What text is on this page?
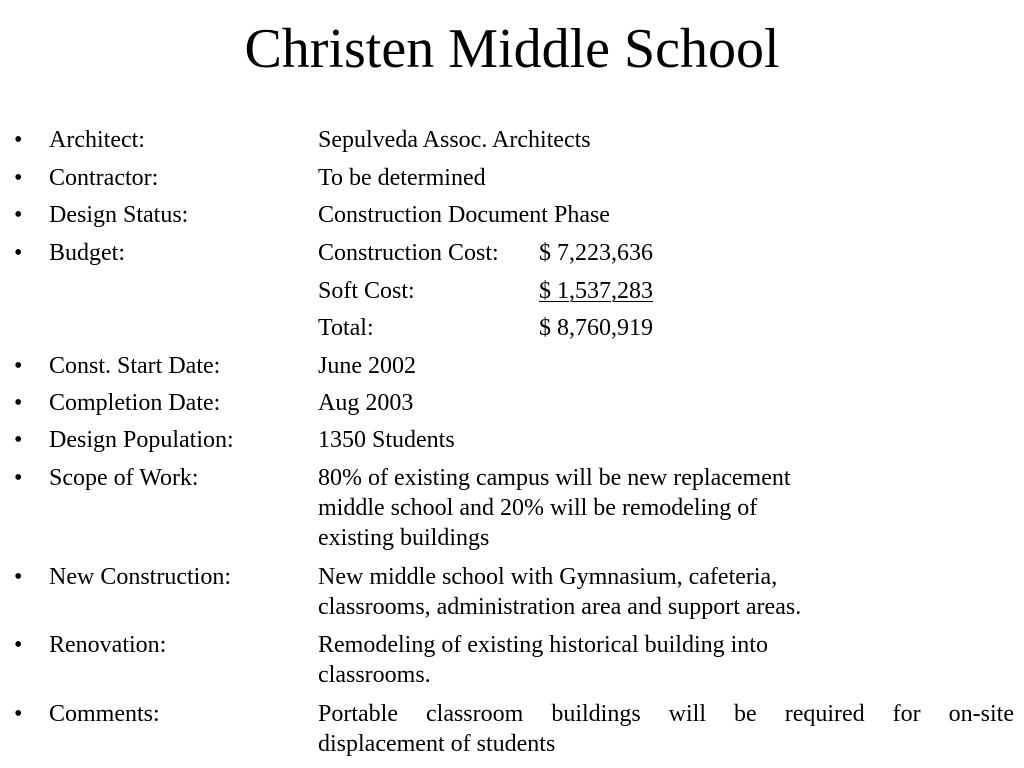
Christen Middle School
• Architect:	Sepulveda Assoc. Architects
• Contractor:	To be determined
• Design Status:	Construction Document Phase
• Budget:	Construction Cost: $ 7,223,636
Soft Cost:	$ 1,537,283
Total:	$ 8,760,919
• Const. Start Date:	June 2002
• Completion Date:	Aug 2003
• Design Population:	1350 Students
• Scope of Work:	80% of existing campus will be new replacement
middle school and 20% will be remodeling of
existing buildings
• New Construction:	New middle school with Gymnasium, cafeteria,
classrooms, administration area and support areas.
• Renovation:	Remodeling of existing historical building into
classrooms.
• Comments:	Portable classroom buildings will be required for on-site
displacement of students
